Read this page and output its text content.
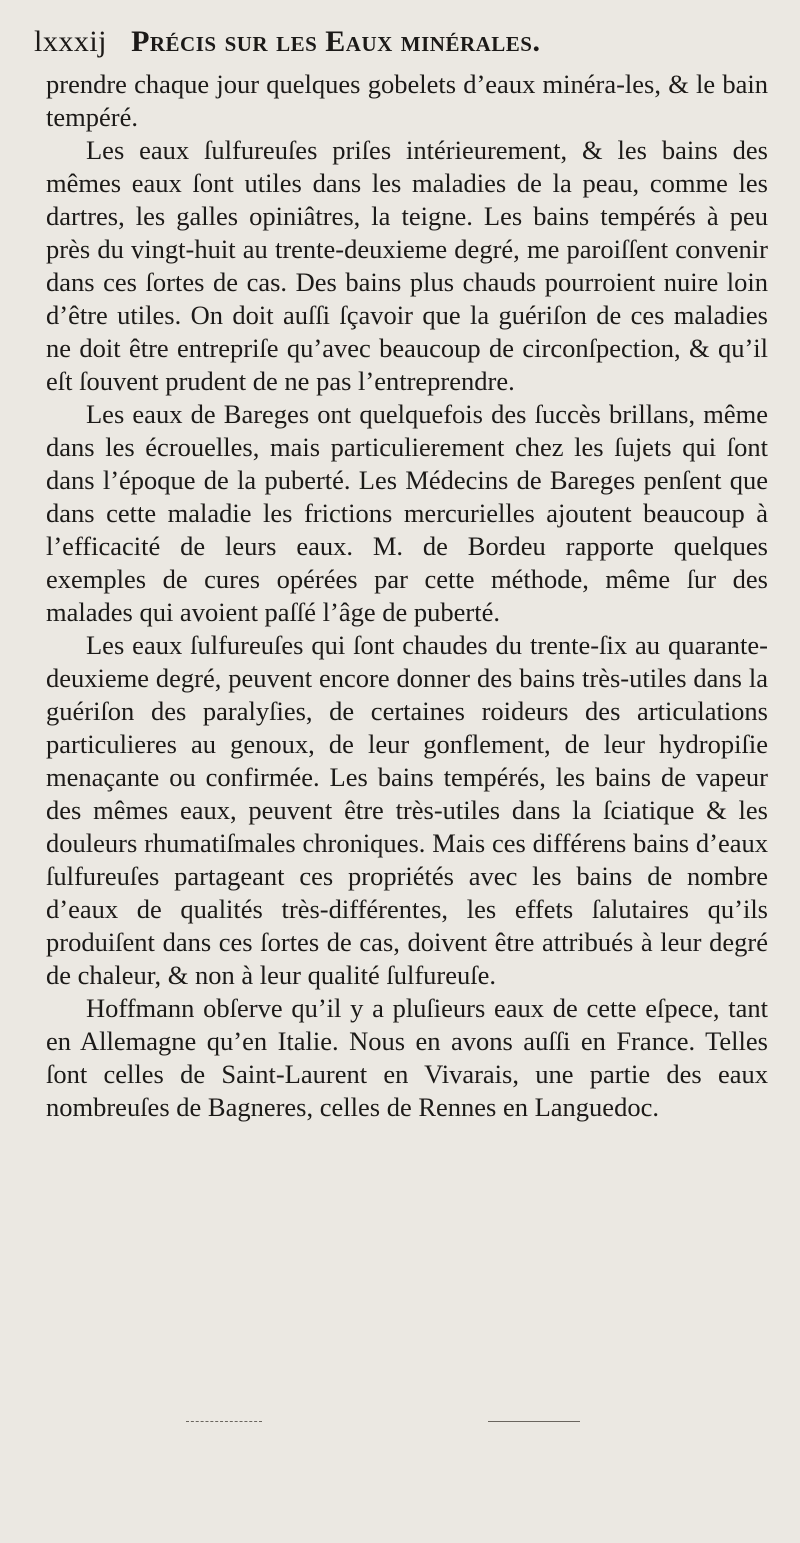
lxxxij Précis sur les Eaux minérales.

prendre chaque jour quelques gobelets d’eaux minéra-les, & le bain tempéré.

Les eaux ſulfureuſes priſes intérieurement, & les bains des mêmes eaux ſont utiles dans les maladies de la peau, comme les dartres, les galles opiniâtres, la teigne. Les bains tempérés à peu près du vingt-huit au trente-deuxieme degré, me paroiſſent convenir dans ces ſortes de cas. Des bains plus chauds pourroient nuire loin d’être utiles. On doit auſſi ſçavoir que la guériſon de ces maladies ne doit être entrepriſe qu’avec beaucoup de circonſpection, & qu’il eſt ſouvent prudent de ne pas l’entreprendre.

Les eaux de Bareges ont quelquefois des ſuccès brillans, même dans les écrouelles, mais particulierement chez les ſujets qui ſont dans l’époque de la puberté. Les Médecins de Bareges penſent que dans cette maladie les frictions mercurielles ajoutent beaucoup à l’efficacité de leurs eaux. M. de Bordeu rapporte quelques exemples de cures opérées par cette méthode, même ſur des malades qui avoient paſſé l’âge de puberté.

Les eaux ſulfureuſes qui ſont chaudes du trente-ſix au quarante-deuxieme degré, peuvent encore donner des bains très-utiles dans la guériſon des paralyſies, de certaines roideurs des articulations particulieres au genoux, de leur gonflement, de leur hydropiſie menaçante ou confirmée. Les bains tempérés, les bains de vapeur des mêmes eaux, peuvent être très-utiles dans la ſciatique & les douleurs rhumatiſmales chroniques. Mais ces différens bains d’eaux ſulfureuſes partageant ces propriétés avec les bains de nombre d’eaux de qualités très-différentes, les effets ſalutaires qu’ils produiſent dans ces ſortes de cas, doivent être attribués à leur degré de chaleur, & non à leur qualité ſulfureuſe.

Hoffmann obſerve qu’il y a pluſieurs eaux de cette eſpece, tant en Allemagne qu’en Italie. Nous en avons auſſi en France. Telles ſont celles de Saint-Laurent en Vivarais, une partie des eaux nombreuſes de Bagneres, celles de Rennes en Languedoc.
